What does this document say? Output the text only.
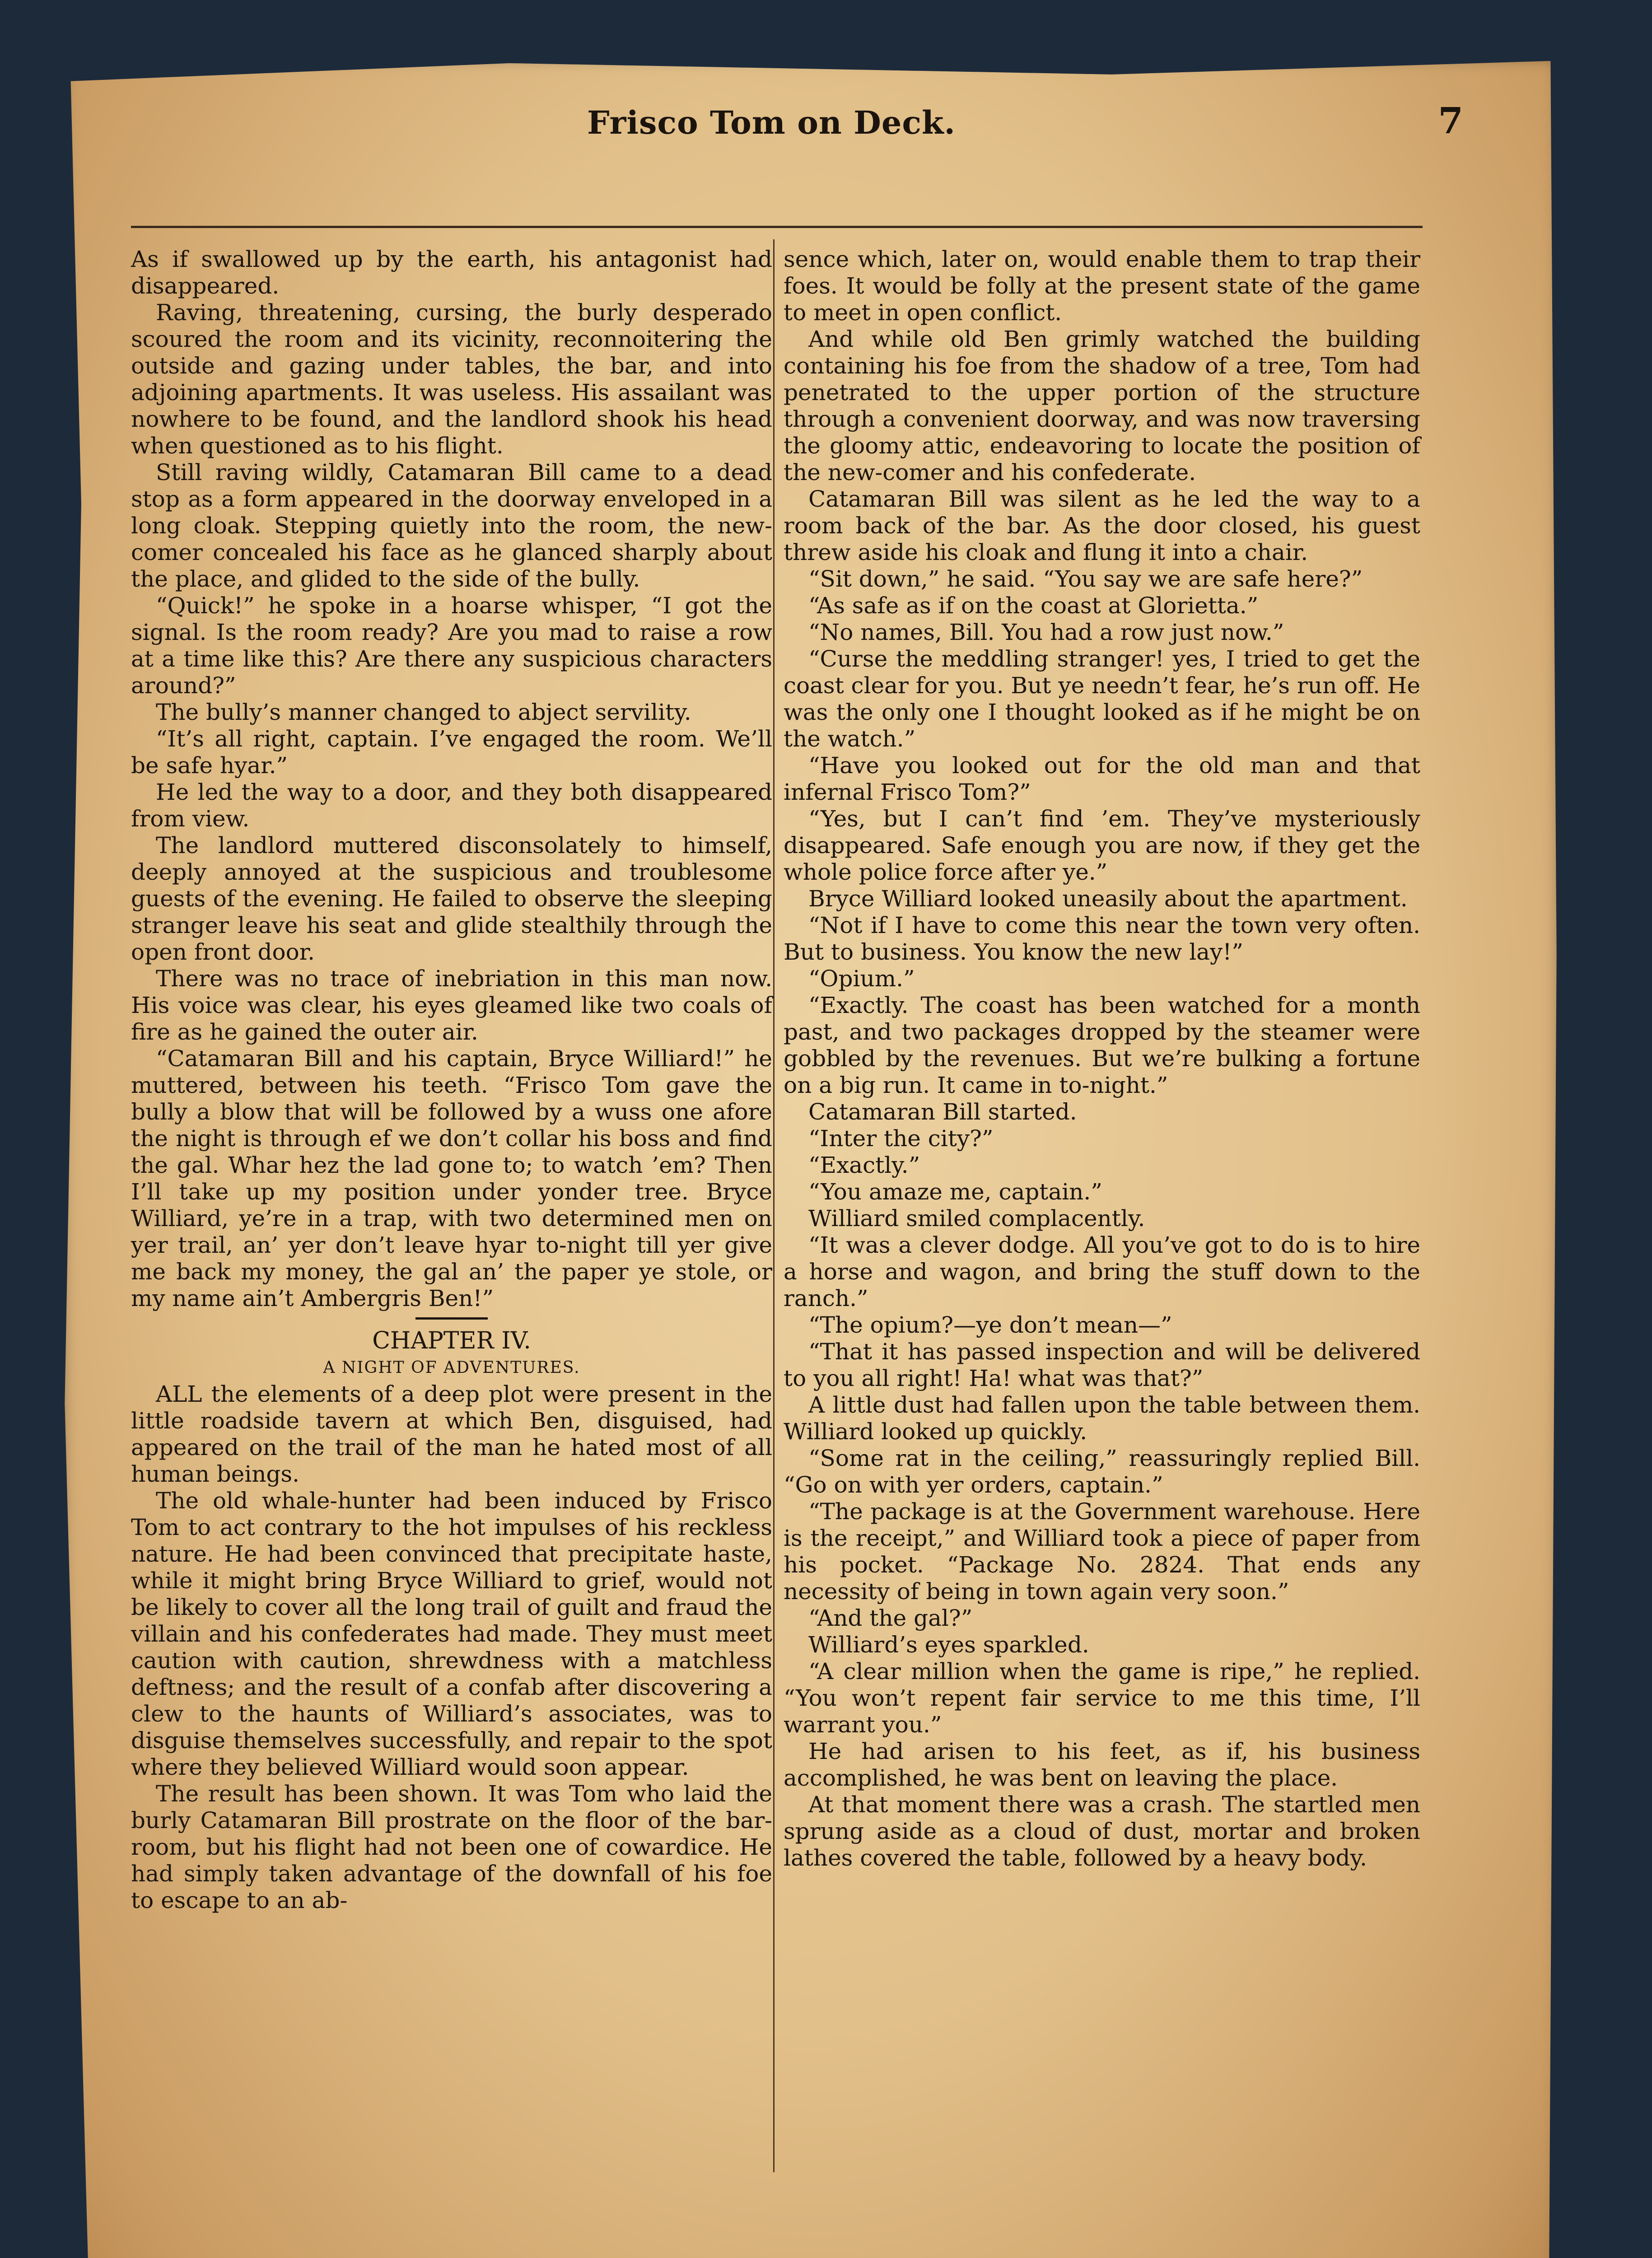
Frisco Tom on Deck.	7

As if swallowed up by the earth, his antagonist had disappeared.

Raving, threatening, cursing, the burly desperado scoured the room and its vicinity, reconnoitering the outside and gazing under tables, the bar, and into adjoining apartments. It was useless. His assailant was nowhere to be found, and the landlord shook his head when questioned as to his flight.

Still raving wildly, Catamaran Bill came to a dead stop as a form appeared in the doorway enveloped in a long cloak. Stepping quietly into the room, the new-comer concealed his face as he glanced sharply about the place, and glided to the side of the bully.

“Quick!” he spoke in a hoarse whisper, “I got the signal. Is the room ready? Are you mad to raise a row at a time like this? Are there any suspicious characters around?”

The bully’s manner changed to abject servility.

“It’s all right, captain. I’ve engaged the room. We’ll be safe hyar.”

He led the way to a door, and they both disappeared from view.

The landlord muttered disconsolately to himself, deeply annoyed at the suspicious and troublesome guests of the evening. He failed to observe the sleeping stranger leave his seat and glide stealthily through the open front door.

There was no trace of inebriation in this man now. His voice was clear, his eyes gleamed like two coals of fire as he gained the outer air.

“Catamaran Bill and his captain, Bryce Williard!” he muttered, between his teeth. “Frisco Tom gave the bully a blow that will be followed by a wuss one afore the night is through ef we don’t collar his boss and find the gal. Whar hez the lad gone to; to watch ’em? Then I’ll take up my position under yonder tree. Bryce Williard, ye’re in a trap, with two determined men on yer trail, an’ yer don’t leave hyar to-night till yer give me back my money, the gal an’ the paper ye stole, or my name ain’t Ambergris Ben!”

CHAPTER IV.

A NIGHT OF ADVENTURES.

ALL the elements of a deep plot were present in the little roadside tavern at which Ben, disguised, had appeared on the trail of the man he hated most of all human beings.

The old whale-hunter had been induced by Frisco Tom to act contrary to the hot impulses of his reckless nature. He had been convinced that precipitate haste, while it might bring Bryce Williard to grief, would not be likely to cover all the long trail of guilt and fraud the villain and his confederates had made. They must meet caution with caution, shrewdness with a matchless deftness; and the result of a confab after discovering a clew to the haunts of Williard’s associates, was to disguise themselves successfully, and repair to the spot where they believed Williard would soon appear.

The result has been shown. It was Tom who laid the burly Catamaran Bill prostrate on the floor of the bar-room, but his flight had not been one of cowardice. He had simply taken advantage of the downfall of his foe to escape to an ab-

sence which, later on, would enable them to trap their foes. It would be folly at the present state of the game to meet in open conflict.

And while old Ben grimly watched the building containing his foe from the shadow of a tree, Tom had penetrated to the upper portion of the structure through a convenient doorway, and was now traversing the gloomy attic, endeavoring to locate the position of the new-comer and his confederate.

Catamaran Bill was silent as he led the way to a room back of the bar. As the door closed, his guest threw aside his cloak and flung it into a chair.

“Sit down,” he said. “You say we are safe here?”

“As safe as if on the coast at Glorietta.”

“No names, Bill. You had a row just now.”

“Curse the meddling stranger! yes, I tried to get the coast clear for you. But ye needn’t fear, he’s run off. He was the only one I thought looked as if he might be on the watch.”

“Have you looked out for the old man and that infernal Frisco Tom?”

“Yes, but I can’t find ’em. They’ve mysteriously disappeared. Safe enough you are now, if they get the whole police force after ye.”

Bryce Williard looked uneasily about the apartment.

“Not if I have to come this near the town very often. But to business. You know the new lay!”

“Opium.”

“Exactly. The coast has been watched for a month past, and two packages dropped by the steamer were gobbled by the revenues. But we’re bulking a fortune on a big run. It came in to-night.”

Catamaran Bill started.

“Inter the city?”

“Exactly.”

“You amaze me, captain.”

Williard smiled complacently.

“It was a clever dodge. All you’ve got to do is to hire a horse and wagon, and bring the stuff down to the ranch.”

“The opium?—ye don’t mean—”

“That it has passed inspection and will be delivered to you all right! Ha! what was that?”

A little dust had fallen upon the table between them. Williard looked up quickly.

“Some rat in the ceiling,” reassuringly replied Bill. “Go on with yer orders, captain.”

“The package is at the Government warehouse. Here is the receipt,” and Williard took a piece of paper from his pocket. “Package No. 2824. That ends any necessity of being in town again very soon.”

“And the gal?”

Williard’s eyes sparkled.

“A clear million when the game is ripe,” he replied. “You won’t repent fair service to me this time, I’ll warrant you.”

He had arisen to his feet, as if, his business accomplished, he was bent on leaving the place.

At that moment there was a crash. The startled men sprung aside as a cloud of dust, mortar and broken lathes covered the table, followed by a heavy body.
